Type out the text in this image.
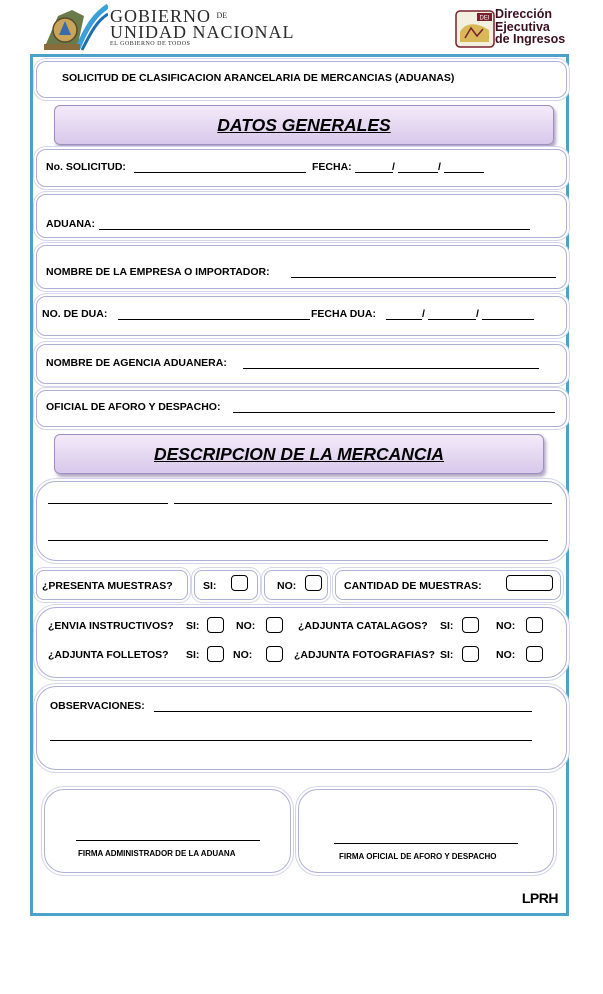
GOBIERNO $^{DE}$
UNIDAD NACIONAL
EL GOBIERNO DE TODOS
DEI Dirección
Ejecutiva
de Ingresos
SOLICITUD DE CLASIFICACION ARANCELARIA DE MERCANCIAS (ADUANAS)
DATOS GENERALES
No. SOLICITUD:	FECHA:	/	/
ADUANA:
NOMBRE DE LA EMPRESA O IMPORTADOR:
NO. DE DUA:	FECHA DUA:	/	/
NOMBRE DE AGENCIA ADUANERA:
OFICIAL DE AFORO Y DESPACHO:
DESCRIPCION DE LA MERCANCIA
¿PRESENTA MUESTRAS?	SI:	NO:	CANTIDAD DE MUESTRAS:
¿ENVIA INSTRUCTIVOS? SI:	NO:	¿ADJUNTA CATALAGOS? SI:	NO:
¿ADJUNTA FOLLETOS? SI:	NO:	¿ADJUNTA FOTOGRAFIAS? SI:	NO:
OBSERVACIONES:
FIRMA ADMINISTRADOR DE LA ADUANA	FIRMA OFICIAL DE AFORO Y DESPACHO
LPRH
